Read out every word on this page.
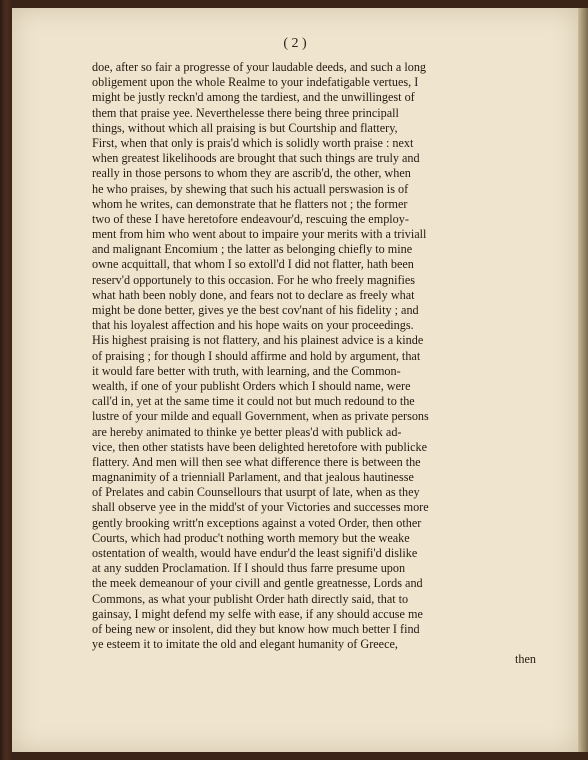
( 2 )
doe, after so fair a progresse of your laudable deeds, and such a long
obligement upon the whole Realme to your indefatigable vertues, I
might be justly reckn'd among the tardiest, and the unwillingest of
them that praise yee. Neverthelesse there being three principall
things, without which all praising is but Courtship and flattery,
First, when that only is prais'd which is solidly worth praise : next
when greatest likelihoods are brought that such things are truly and
really in those persons to whom they are ascrib'd, the other, when
he who praises, by shewing that such his actuall perswasion is of
whom he writes, can demonstrate that he flatters not ; the former
two of these I have heretofore endeavour'd, rescuing the employ-
ment from him who went about to impaire your merits with a triviall
and malignant Encomium ; the latter as belonging chiefly to mine
owne acquittall, that whom I so extoll'd I did not flatter, hath been
reserv'd opportunely to this occasion. For he who freely magnifies
what hath been nobly done, and fears not to declare as freely what
might be done better, gives ye the best cov'nant of his fidelity ; and
that his loyalest affection and his hope waits on your proceedings.
His highest praising is not flattery, and his plainest advice is a kinde
of praising ; for though I should affirme and hold by argument, that
it would fare better with truth, with learning, and the Common-
wealth, if one of your publisht Orders which I should name, were
call'd in, yet at the same time it could not but much redound to the
lustre of your milde and equall Government, when as private persons
are hereby animated to thinke ye better pleas'd with publick ad-
vice, then other statists have been delighted heretofore with publicke
flattery. And men will then see what difference there is between the
magnanimity of a trienniall Parlament, and that jealous hautinesse
of Prelates and cabin Counsellours that usurpt of late, when as they
shall observe yee in the midd'st of your Victories and successes more
gently brooking writt'n exceptions against a voted Order, then other
Courts, which had produc't nothing worth memory but the weake
ostentation of wealth, would have endur'd the least signifi'd dislike
at any sudden Proclamation. If I should thus farre presume upon
the meek demeanour of your civill and gentle greatnesse, Lords and
Commons, as what your publisht Order hath directly said, that to
gainsay, I might defend my selfe with ease, if any should accuse me
of being new or insolent, did they but know how much better I find
ye esteem it to imitate the old and elegant humanity of Greece,
then
